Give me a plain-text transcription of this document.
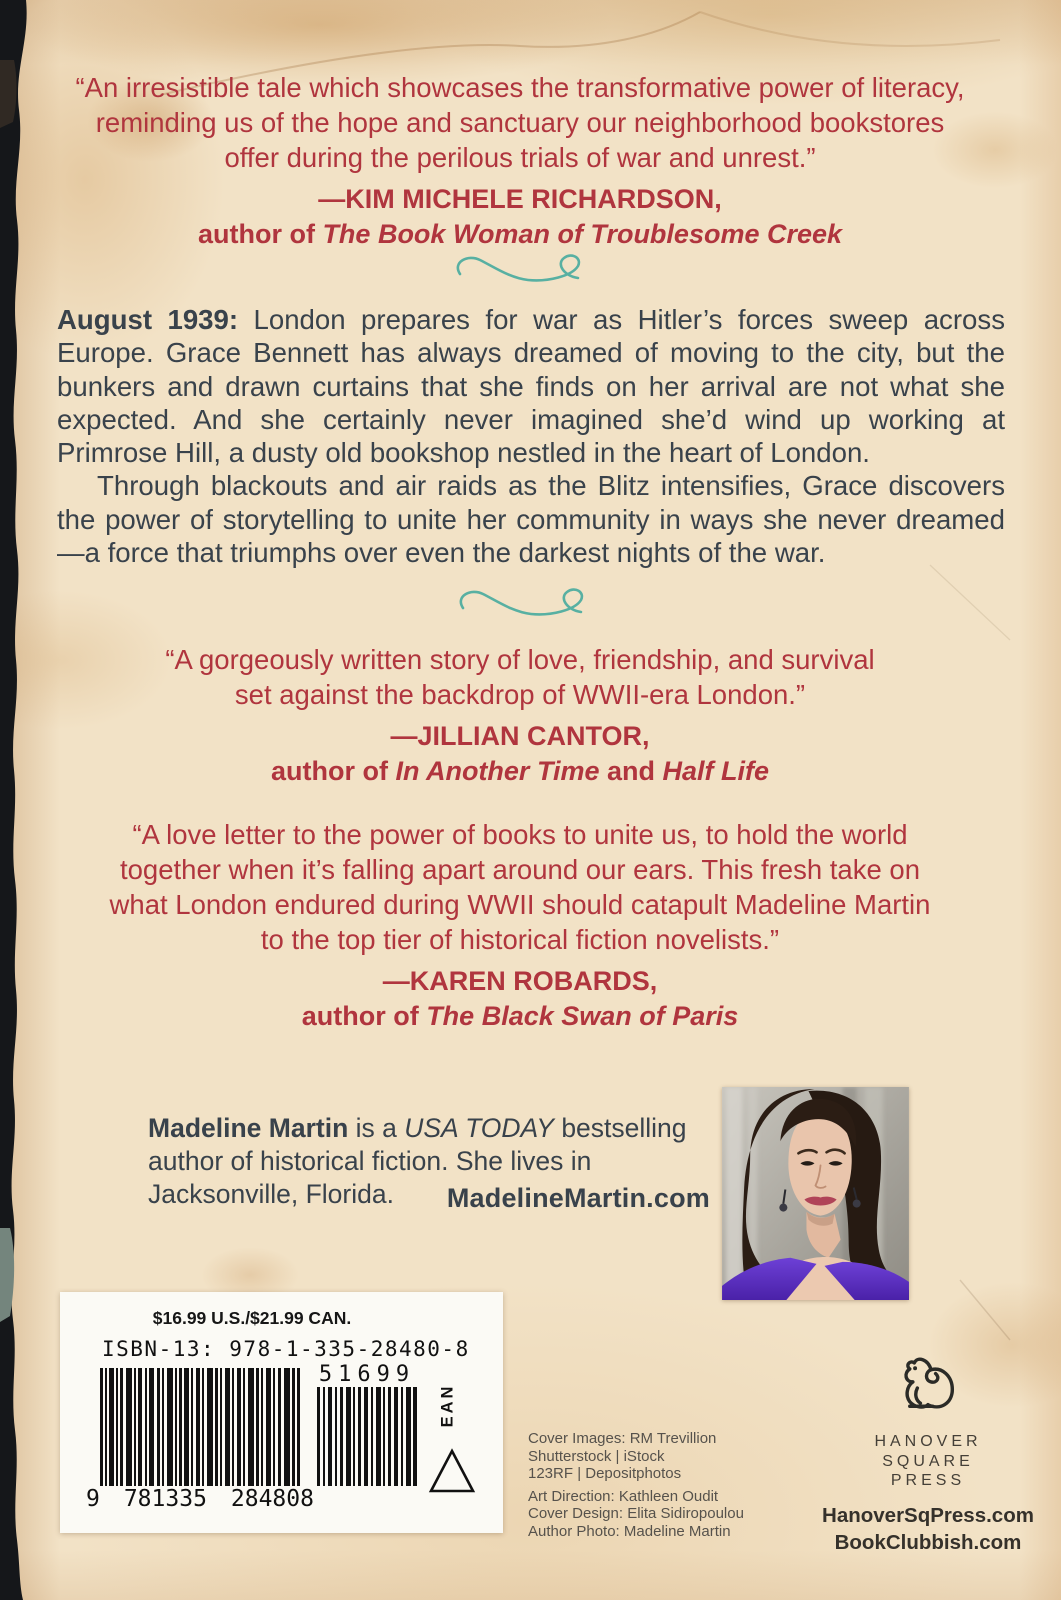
“An irresistible tale which showcases the transformative power of literacy,
reminding us of the hope and sanctuary our neighborhood bookstores
offer during the perilous trials of war and unrest.”
—KIM MICHELE RICHARDSON,
author of The Book Woman of Troublesome Creek

August 1939: London prepares for war as Hitler’s forces sweep across Europe. Grace Bennett has always dreamed of moving to the city, but the bunkers and drawn curtains that she finds on her arrival are not what she expected. And she certainly never imagined she’d wind up working at Primrose Hill, a dusty old bookshop nestled in the heart of London.

Through blackouts and air raids as the Blitz intensifies, Grace discovers the power of storytelling to unite her community in ways she never dreamed—a force that triumphs over even the darkest nights of the war.

“A gorgeously written story of love, friendship, and survival
set against the backdrop of WWII-era London.”
—JILLIAN CANTOR,
author of In Another Time and Half Life
“A love letter to the power of books to unite us, to hold the world
together when it’s falling apart around our ears. This fresh take on
what London endured during WWII should catapult Madeline Martin
to the top tier of historical fiction novelists.”
—KAREN ROBARDS,
author of The Black Swan of Paris
Madeline Martin is a USA TODAY bestselling author of historical fiction. She lives in Jacksonville, Florida.	MadelineMartin.com
$16.99 U.S./$21.99 CAN.
ISBN-13: 978-1-335-28480-8
9 781335 284808
51699
EAN

Cover Images: RM Trevillion

Shutterstock | iStock

123RF | Depositphotos

Art Direction: Kathleen Oudit

Cover Design: Elita Sidiropoulou

Author Photo: Madeline Martin

HANOVER
SQUARE
PRESS
HanoverSqPress.com
BookClubbish.com
